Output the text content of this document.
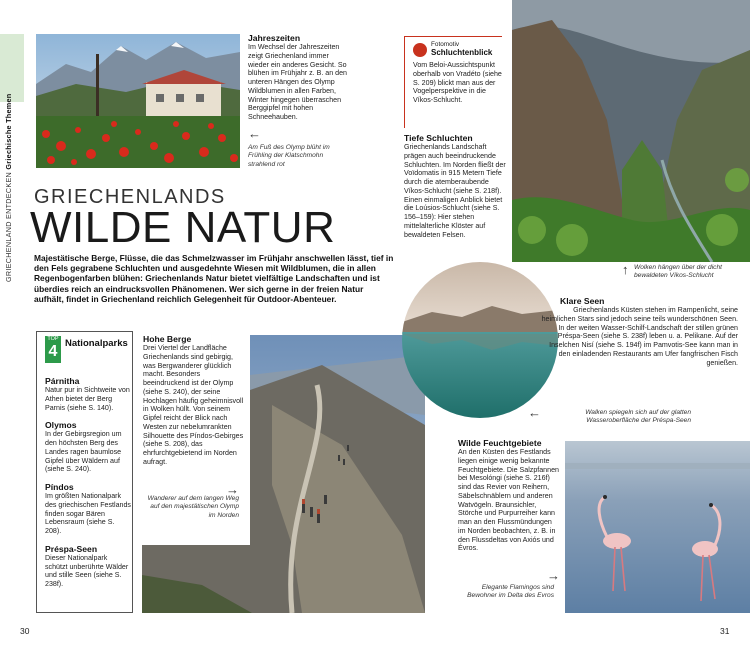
GRIECHENLAND ENTDECKEN Griechische Themen
Jahreszeiten
Im Wechsel der Jahreszeiten zeigt Griechenland immer wieder ein anderes Gesicht. So blühen im Frühjahr z. B. an den unteren Hängen des Olymp Wildblumen in allen Farben, Winter hingegen überraschen Berggipfel mit hohen Schneehauben.
←
Am Fuß des Olymp blüht im Frühling der Klatschmohn strahlend rot
GRIECHENLANDS
WILDE NATUR
Majestätische Berge, Flüsse, die das Schmelzwasser im Frühjahr anschwellen lässt, tief in den Fels gegrabene Schluchten und ausgedehnte Wiesen mit Wildblumen, die in allen Regenbogenfarben blühen: Griechenlands Natur bietet vielfältige Landschaften und ist überdies reich an eindrucksvollen Phänomenen. Wer sich gerne in der freien Natur aufhält, findet in Griechenland reichlich Gelegenheit für Outdoor-Abenteuer.
TOP
4 Nationalparks
Párnitha
Natur pur in Sichtweite von Athen bietet der Berg Parnis (siehe S. 140).
Olymos
In der Gebirgsregion um den höchsten Berg des Landes ragen baumlose Gipfel über Wäldern auf (siehe S. 240).
Píndos
Im größten Nationalpark des griechischen Festlands finden sogar Bären Lebensraum (siehe S. 208).
Préspa-Seen
Dieser Nationalpark schützt unberührte Wälder und stille Seen (siehe S. 238f).
Hohe Berge
Drei Viertel der Landfläche Griechenlands sind gebirgig, was Bergwanderer glücklich macht. Besonders beeindruckend ist der Olymp (siehe S. 240), der seine Hochlagen häufig geheimnisvoll in Wolken hüllt. Von seinem Gipfel reicht der Blick nach Westen zur nebelumrankten Silhouette des Píndos-Gebirges (siehe S. 208), das ehrfurchtgebietend im Norden aufragt.
→
Wanderer auf dem langen Weg auf den majestätischen Olymp im Norden
Fotomotiv
Schluchtenblick
Vom Beloi-Aussichtspunkt oberhalb von Vradéto (siehe S. 209) blickt man aus der Vogelperspektive in die Víkos-Schlucht.
Tiefe Schluchten
Griechenlands Landschaft prägen auch beeindruckende Schluchten. Im Norden fließt der Voïdomatis in 915 Metern Tiefe durch die atemberaubende Víkos-Schlucht (siehe S. 218f). Einen einmaligen Anblick bietet die Loúsios-Schlucht (siehe S. 156–159): Hier stehen mittelalterliche Klöster auf bewaldeten Felsen.
↑ Wolken hängen über der dicht bewaldeten Víkos-Schlucht
Klare Seen
Griechenlands Küsten stehen im Rampenlicht, seine heimlichen Stars sind jedoch seine teils wunderschönen Seen. In der weiten Wasser-Schilf-Landschaft der stillen grünen Préspa-Seen (siehe S. 238f) leben u. a. Pelikane. Auf der Inselchen Nisí (siehe S. 194f) im Pamvotis-See kann man in den einladenden Restaurants am Ufer fangfrischen Fisch genießen.
←	Walken spiegeln sich auf der glatten Wasseroberfläche der Préspa-Seen
Wilde Feuchtgebiete
An den Küsten des Festlands liegen einige wenig bekannte Feuchtgebiete. Die Salzpfannen bei Mesolóngi (siehe S. 216f) sind das Revier von Reihern, Säbelschnäblern und anderen Watvögeln. Braunsichler, Störche und Purpurreiher kann man an den Flussmündungen im Norden beobachten, z. B. in den Flussdeltas von Axiós und Évros.
→
Elegante Flamingos sind Bewohner im Delta des Evros
30	31
